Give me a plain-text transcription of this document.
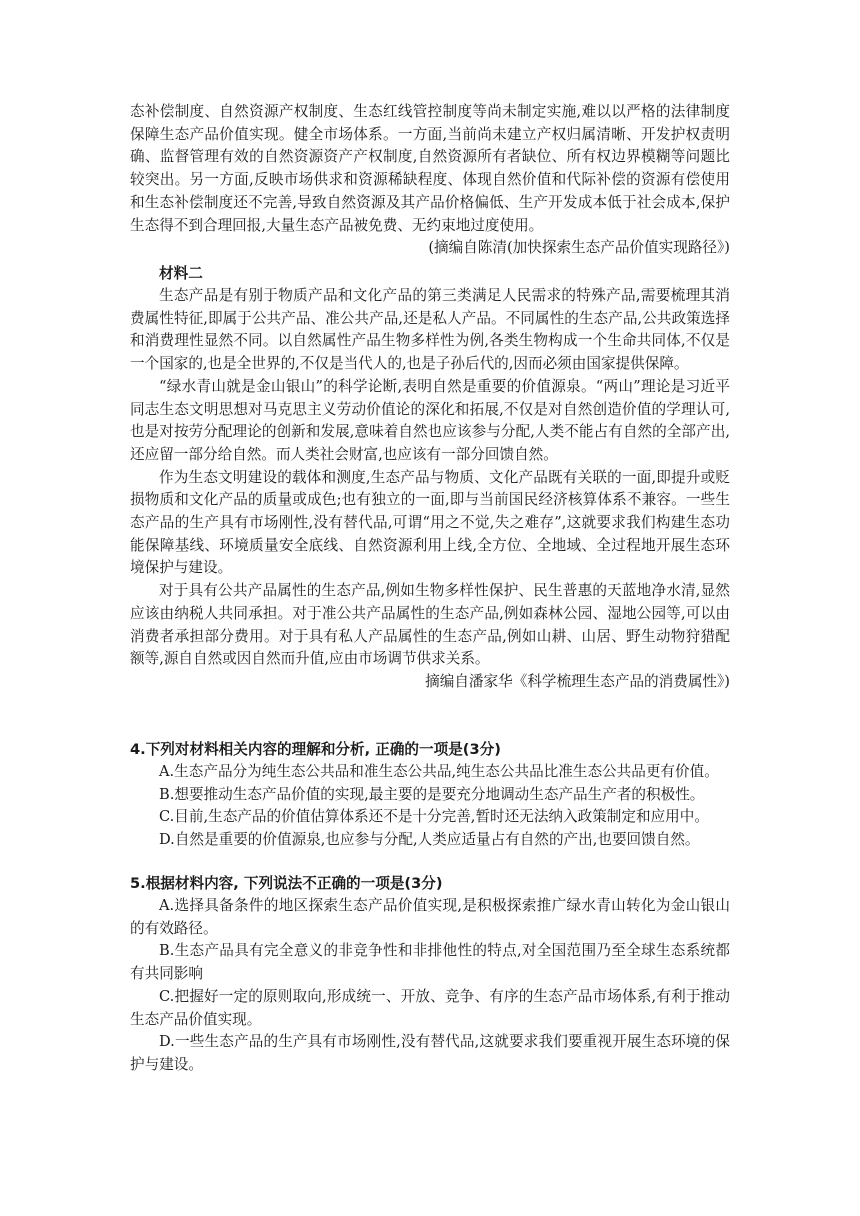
态补偿制度、自然资源产权制度、生态红线管控制度等尚未制定实施,难以以严格的法律制度保障生态产品价值实现。健全市场体系。一方面,当前尚未建立产权归属清晰、开发护权责明确、监督管理有效的自然资源资产产权制度,自然资源所有者缺位、所有权边界模糊等问题比较突出。另一方面,反映市场供求和资源稀缺程度、体现自然价值和代际补偿的资源有偿使用和生态补偿制度还不完善,导致自然资源及其产品价格偏低、生产开发成本低于社会成本,保护生态得不到合理回报,大量生态产品被免费、无约束地过度使用。

(摘编自陈清(加快探索生态产品价值实现路径》)

材料二

生态产品是有别于物质产品和文化产品的第三类满足人民需求的特殊产品,需要梳理其消费属性特征,即属于公共产品、准公共产品,还是私人产品。不同属性的生态产品,公共政策选择和消费理性显然不同。以自然属性产品生物多样性为例,各类生物构成一个生命共同体,不仅是一个国家的,也是全世界的,不仅是当代人的,也是子孙后代的,因而必须由国家提供保障。

“绿水青山就是金山银山”的科学论断,表明自然是重要的价值源泉。“两山”理论是习近平同志生态文明思想对马克思主义劳动价值论的深化和拓展,不仅是对自然创造价值的学理认可,也是对按劳分配理论的创新和发展,意味着自然也应该参与分配,人类不能占有自然的全部产出,还应留一部分给自然。而人类社会财富,也应该有一部分回馈自然。

作为生态文明建设的载体和测度,生态产品与物质、文化产品既有关联的一面,即提升或贬损物质和文化产品的质量或成色;也有独立的一面,即与当前国民经济核算体系不兼容。一些生态产品的生产具有市场刚性,没有替代品,可谓“用之不觉,失之难存”,这就要求我们构建生态功能保障基线、环境质量安全底线、自然资源利用上线,全方位、全地域、全过程地开展生态环境保护与建设。

对于具有公共产品属性的生态产品,例如生物多样性保护、民生普惠的天蓝地净水清,显然应该由纳税人共同承担。对于准公共产品属性的生态产品,例如森林公园、湿地公园等,可以由消费者承担部分费用。对于具有私人产品属性的生态产品,例如山耕、山居、野生动物狩猎配额等,源自自然或因自然而升值,应由市场调节供求关系。

摘编自潘家华《科学梳理生态产品的消费属性》)

4.下列对材料相关内容的理解和分析, 正确的一项是(3分)

A.生态产品分为纯生态公共品和准生态公共品,纯生态公共品比准生态公共品更有价值。

B.想要推动生态产品价值的实现,最主要的是要充分地调动生态产品生产者的积极性。

C.目前,生态产品的价值估算体系还不是十分完善,暂时还无法纳入政策制定和应用中。

D.自然是重要的价值源泉,也应参与分配,人类应适量占有自然的产出,也要回馈自然。

5.根据材料内容, 下列说法不正确的一项是(3分)

A.选择具备条件的地区探索生态产品价值实现,是积极探索推广绿水青山转化为金山银山的有效路径。

B.生态产品具有完全意义的非竞争性和非排他性的特点,对全国范围乃至全球生态系统都有共同影响

C.把握好一定的原则取向,形成统一、开放、竞争、有序的生态产品市场体系,有利于推动生态产品价值实现。

D.一些生态产品的生产具有市场刚性,没有替代品,这就要求我们要重视开展生态环境的保护与建设。
